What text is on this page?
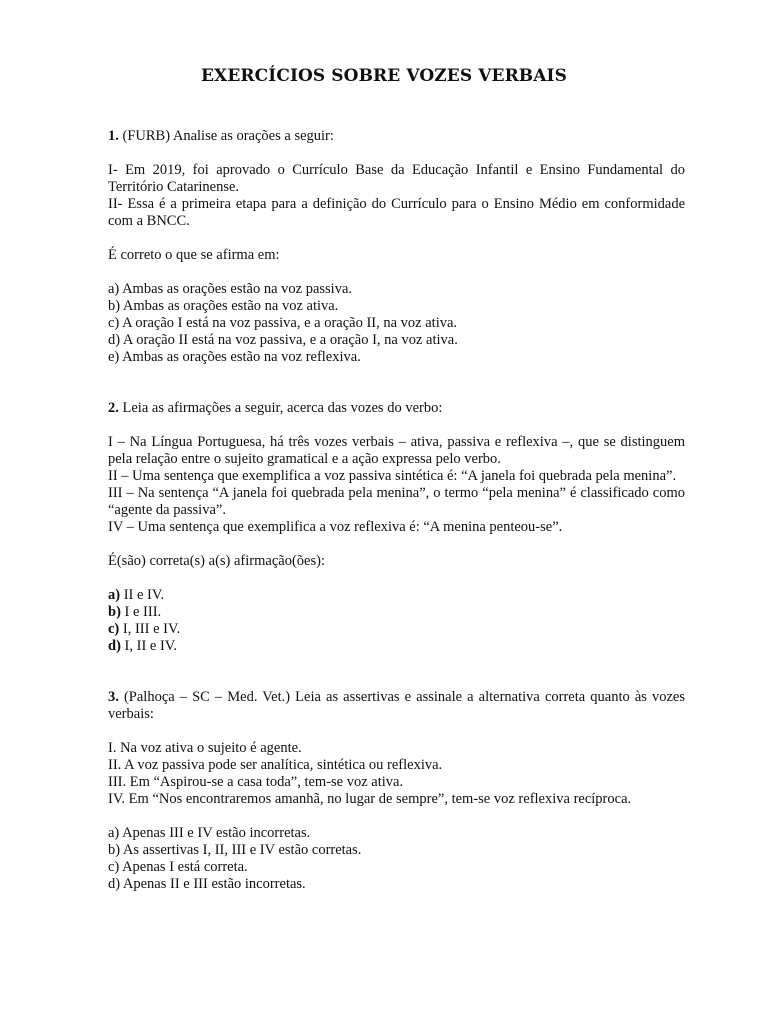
EXERCÍCIOS SOBRE VOZES VERBAIS

1. (FURB) Analise as orações a seguir:

I- Em 2019, foi aprovado o Currículo Base da Educação Infantil e Ensino Fundamental do Território Catarinense.

II- Essa é a primeira etapa para a definição do Currículo para o Ensino Médio em conformidade com a BNCC.

É correto o que se afirma em:

a) Ambas as orações estão na voz passiva.

b) Ambas as orações estão na voz ativa.

c) A oração I está na voz passiva, e a oração II, na voz ativa.

d) A oração II está na voz passiva, e a oração I, na voz ativa.

e) Ambas as orações estão na voz reflexiva.

2. Leia as afirmações a seguir, acerca das vozes do verbo:

I – Na Língua Portuguesa, há três vozes verbais – ativa, passiva e reflexiva –, que se distinguem pela relação entre o sujeito gramatical e a ação expressa pelo verbo.

II – Uma sentença que exemplifica a voz passiva sintética é: “A janela foi quebrada pela menina”.

III – Na sentença “A janela foi quebrada pela menina”, o termo “pela menina” é classificado como “agente da passiva”.

IV – Uma sentença que exemplifica a voz reflexiva é: “A menina penteou-se”.

É(são) correta(s) a(s) afirmação(ões):

a) II e IV.

b) I e III.

c) I, III e IV.

d) I, II e IV.

3. (Palhoça – SC – Med. Vet.) Leia as assertivas e assinale a alternativa correta quanto às vozes verbais:

I. Na voz ativa o sujeito é agente.

II. A voz passiva pode ser analítica, sintética ou reflexiva.

III. Em “Aspirou-se a casa toda”, tem-se voz ativa.

IV. Em “Nos encontraremos amanhã, no lugar de sempre”, tem-se voz reflexiva recíproca.

a) Apenas III e IV estão incorretas.

b) As assertivas I, II, III e IV estão corretas.

c) Apenas I está correta.

d) Apenas II e III estão incorretas.
